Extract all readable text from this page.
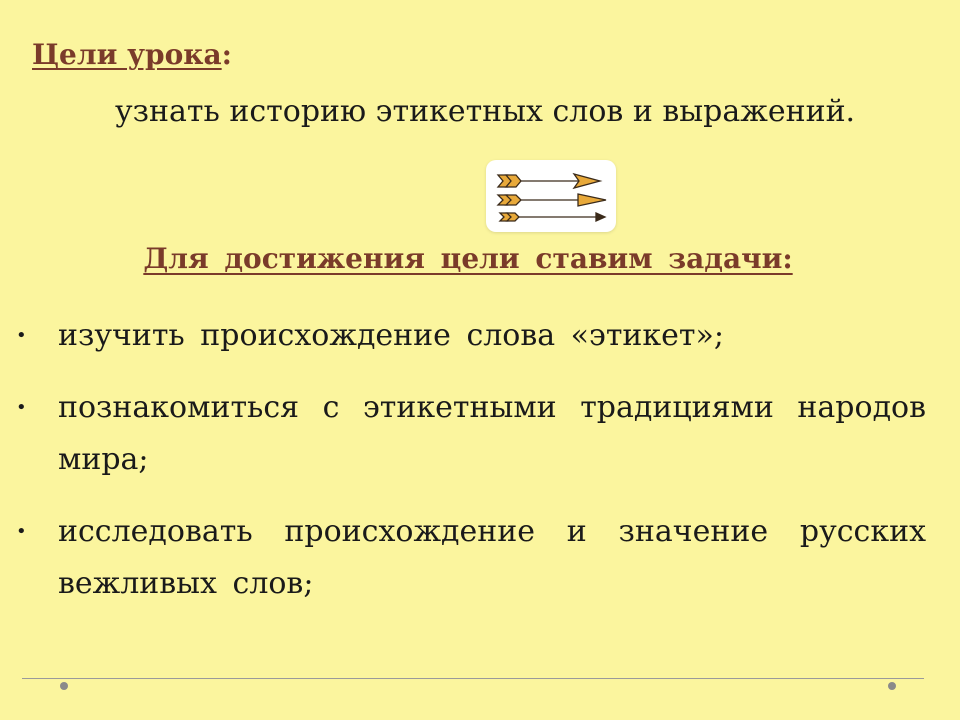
Цели урока:
узнать историю этикетных слов и выражений.
Для достижения цели ставим задачи:
• изучить происхождение слова «этикет»;
• познакомиться с этикетными традициями народов мира;
• исследовать происхождение и значение русских вежливых слов;
